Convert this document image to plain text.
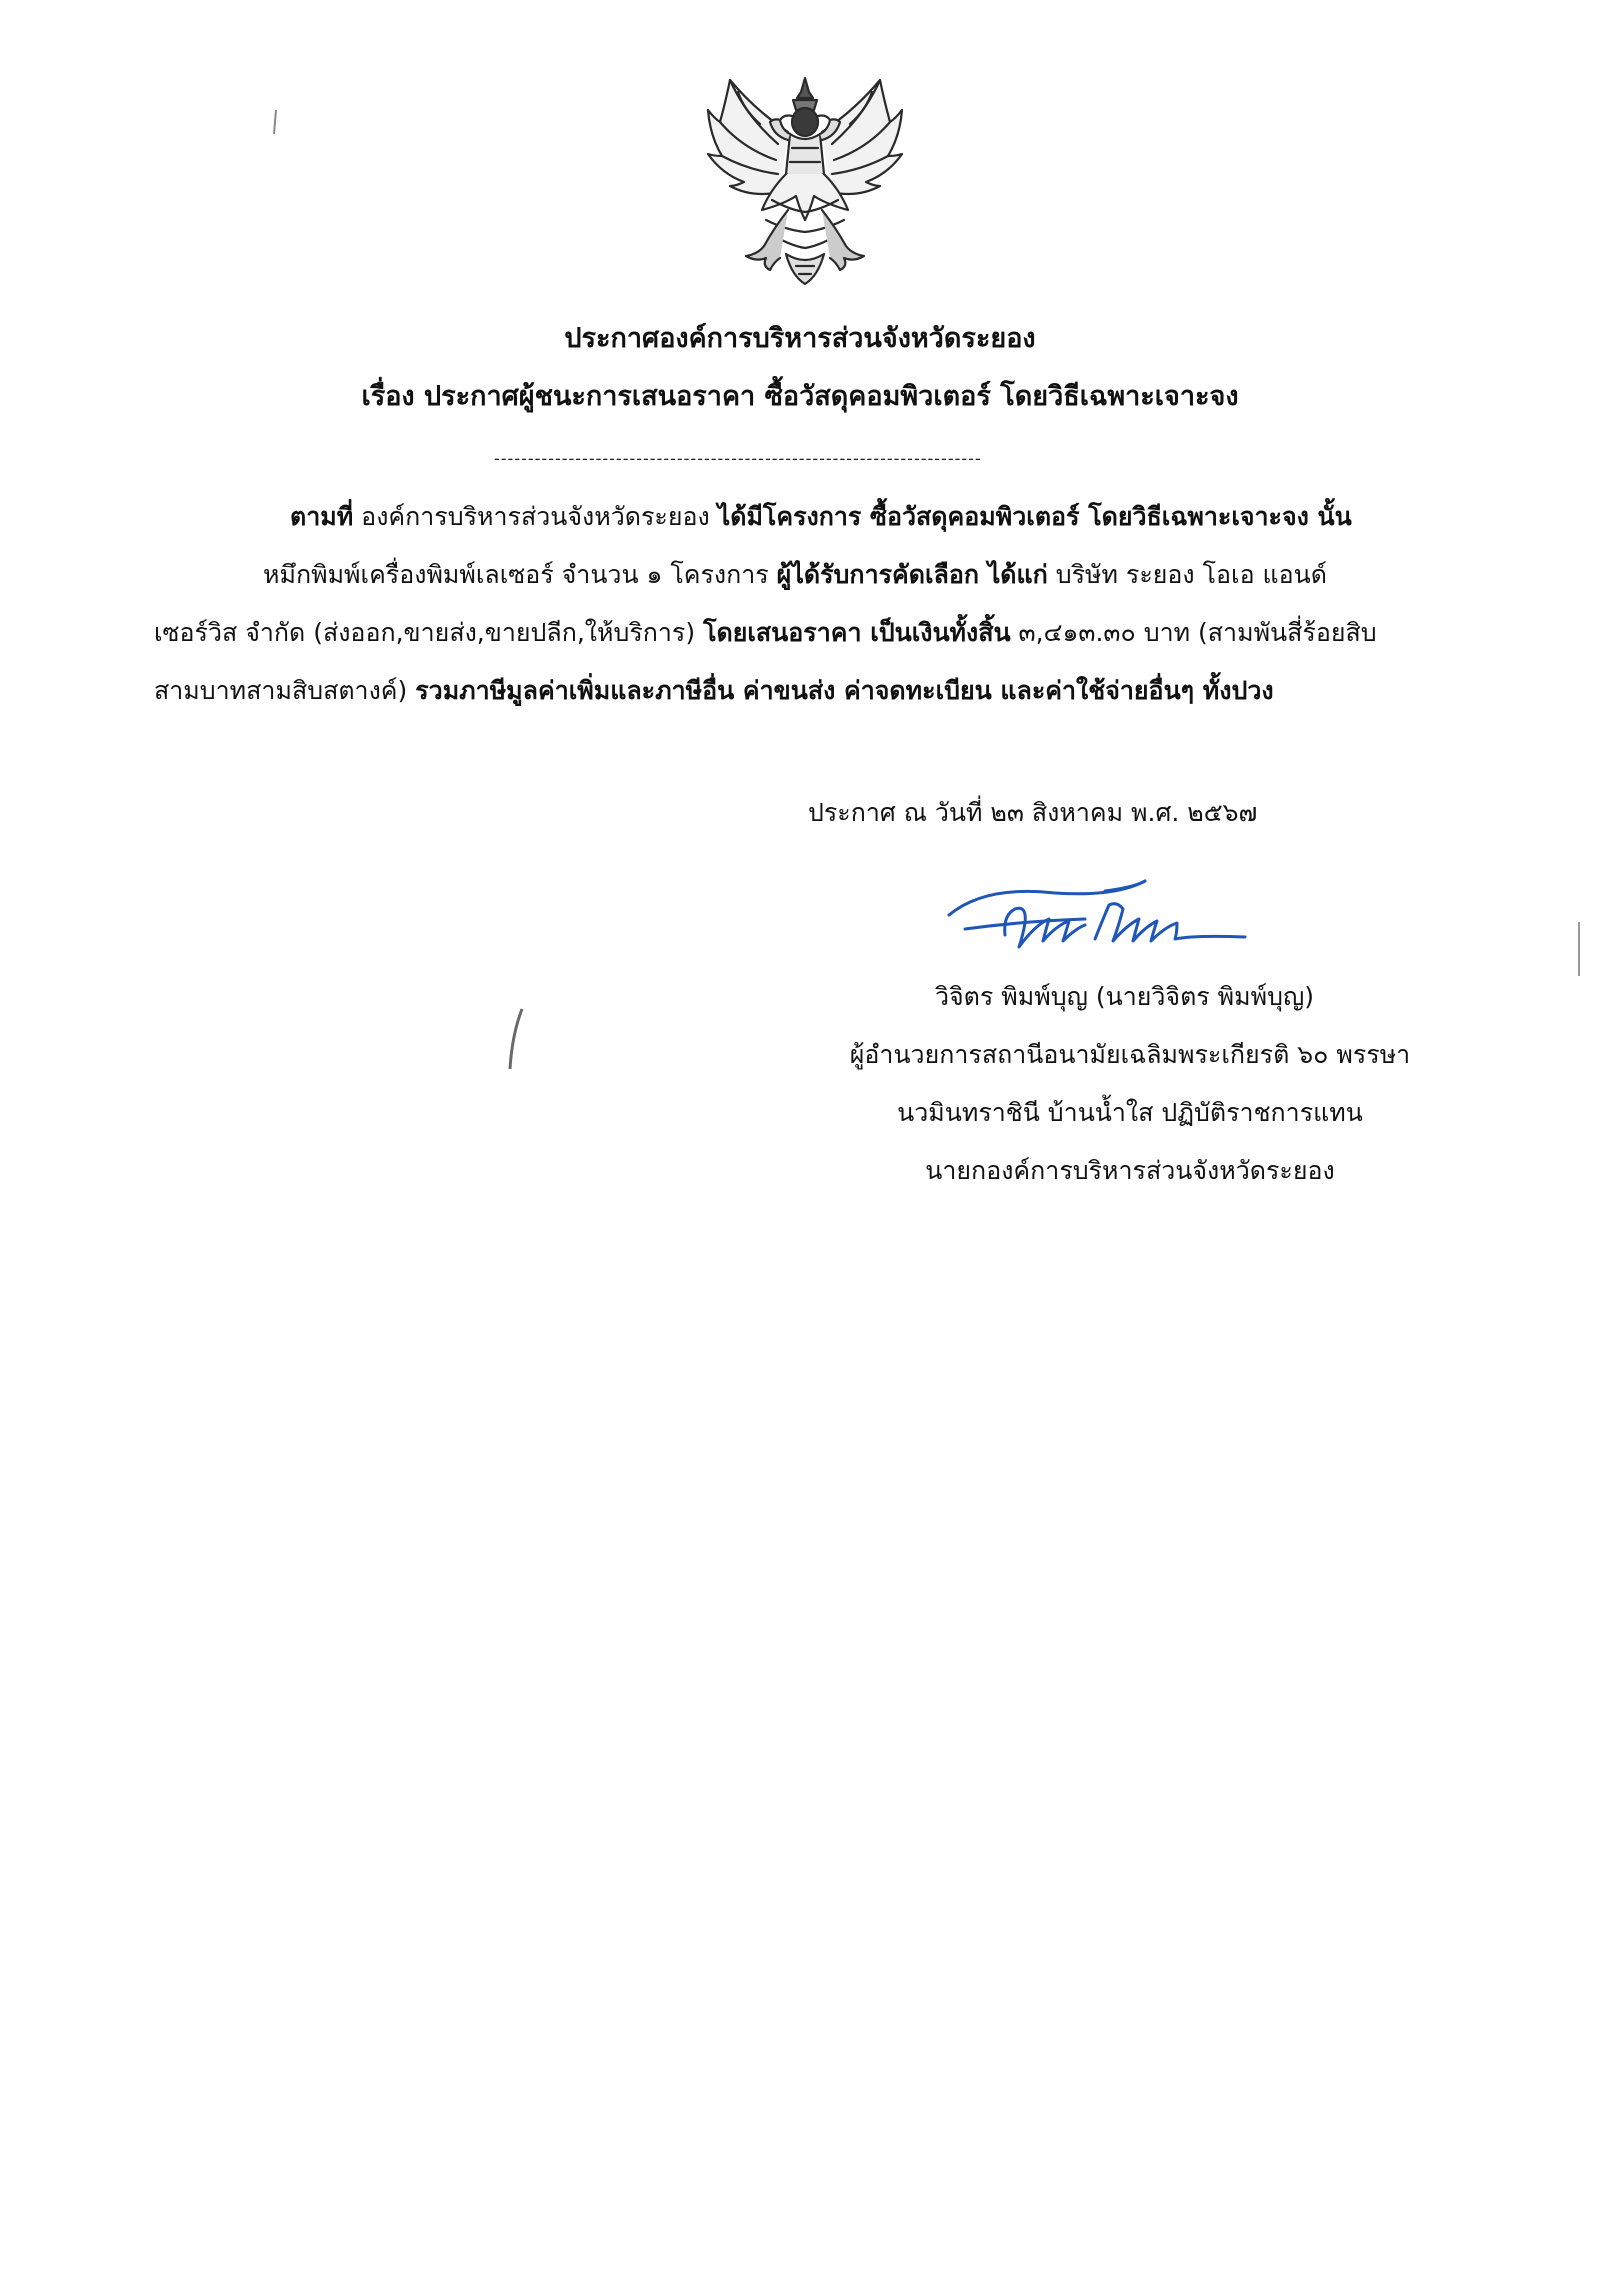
ประกาศองค์การบริหารส่วนจังหวัดระยอง
เรื่อง ประกาศผู้ชนะการเสนอราคา ซื้อวัสดุคอมพิวเตอร์ โดยวิธีเฉพาะเจาะจง
------------------------------------------------------------------------
ตามที่ องค์การบริหารส่วนจังหวัดระยอง ได้มีโครงการ ซื้อวัสดุคอมพิวเตอร์ โดยวิธีเฉพาะเจาะจง นั้น
หมึกพิมพ์เครื่องพิมพ์เลเซอร์ จำนวน ๑ โครงการ ผู้ได้รับการคัดเลือก ได้แก่ บริษัท ระยอง โอเอ แอนด์
เซอร์วิส จำกัด (ส่งออก,ขายส่ง,ขายปลีก,ให้บริการ) โดยเสนอราคา เป็นเงินทั้งสิ้น ๓,๔๑๓.๓๐ บาท (สามพันสี่ร้อยสิบ
สามบาทสามสิบสตางค์) รวมภาษีมูลค่าเพิ่มและภาษีอื่น ค่าขนส่ง ค่าจดทะเบียน และค่าใช้จ่ายอื่นๆ ทั้งปวง
ประกาศ ณ วันที่ ๒๓ สิงหาคม พ.ศ. ๒๕๖๗
วิจิตร พิมพ์บุญ (นายวิจิตร พิมพ์บุญ)
ผู้อำนวยการสถานีอนามัยเฉลิมพระเกียรติ ๖๐ พรรษา
นวมินทราชินี บ้านน้ำใส ปฏิบัติราชการแทน
นายกองค์การบริหารส่วนจังหวัดระยอง
